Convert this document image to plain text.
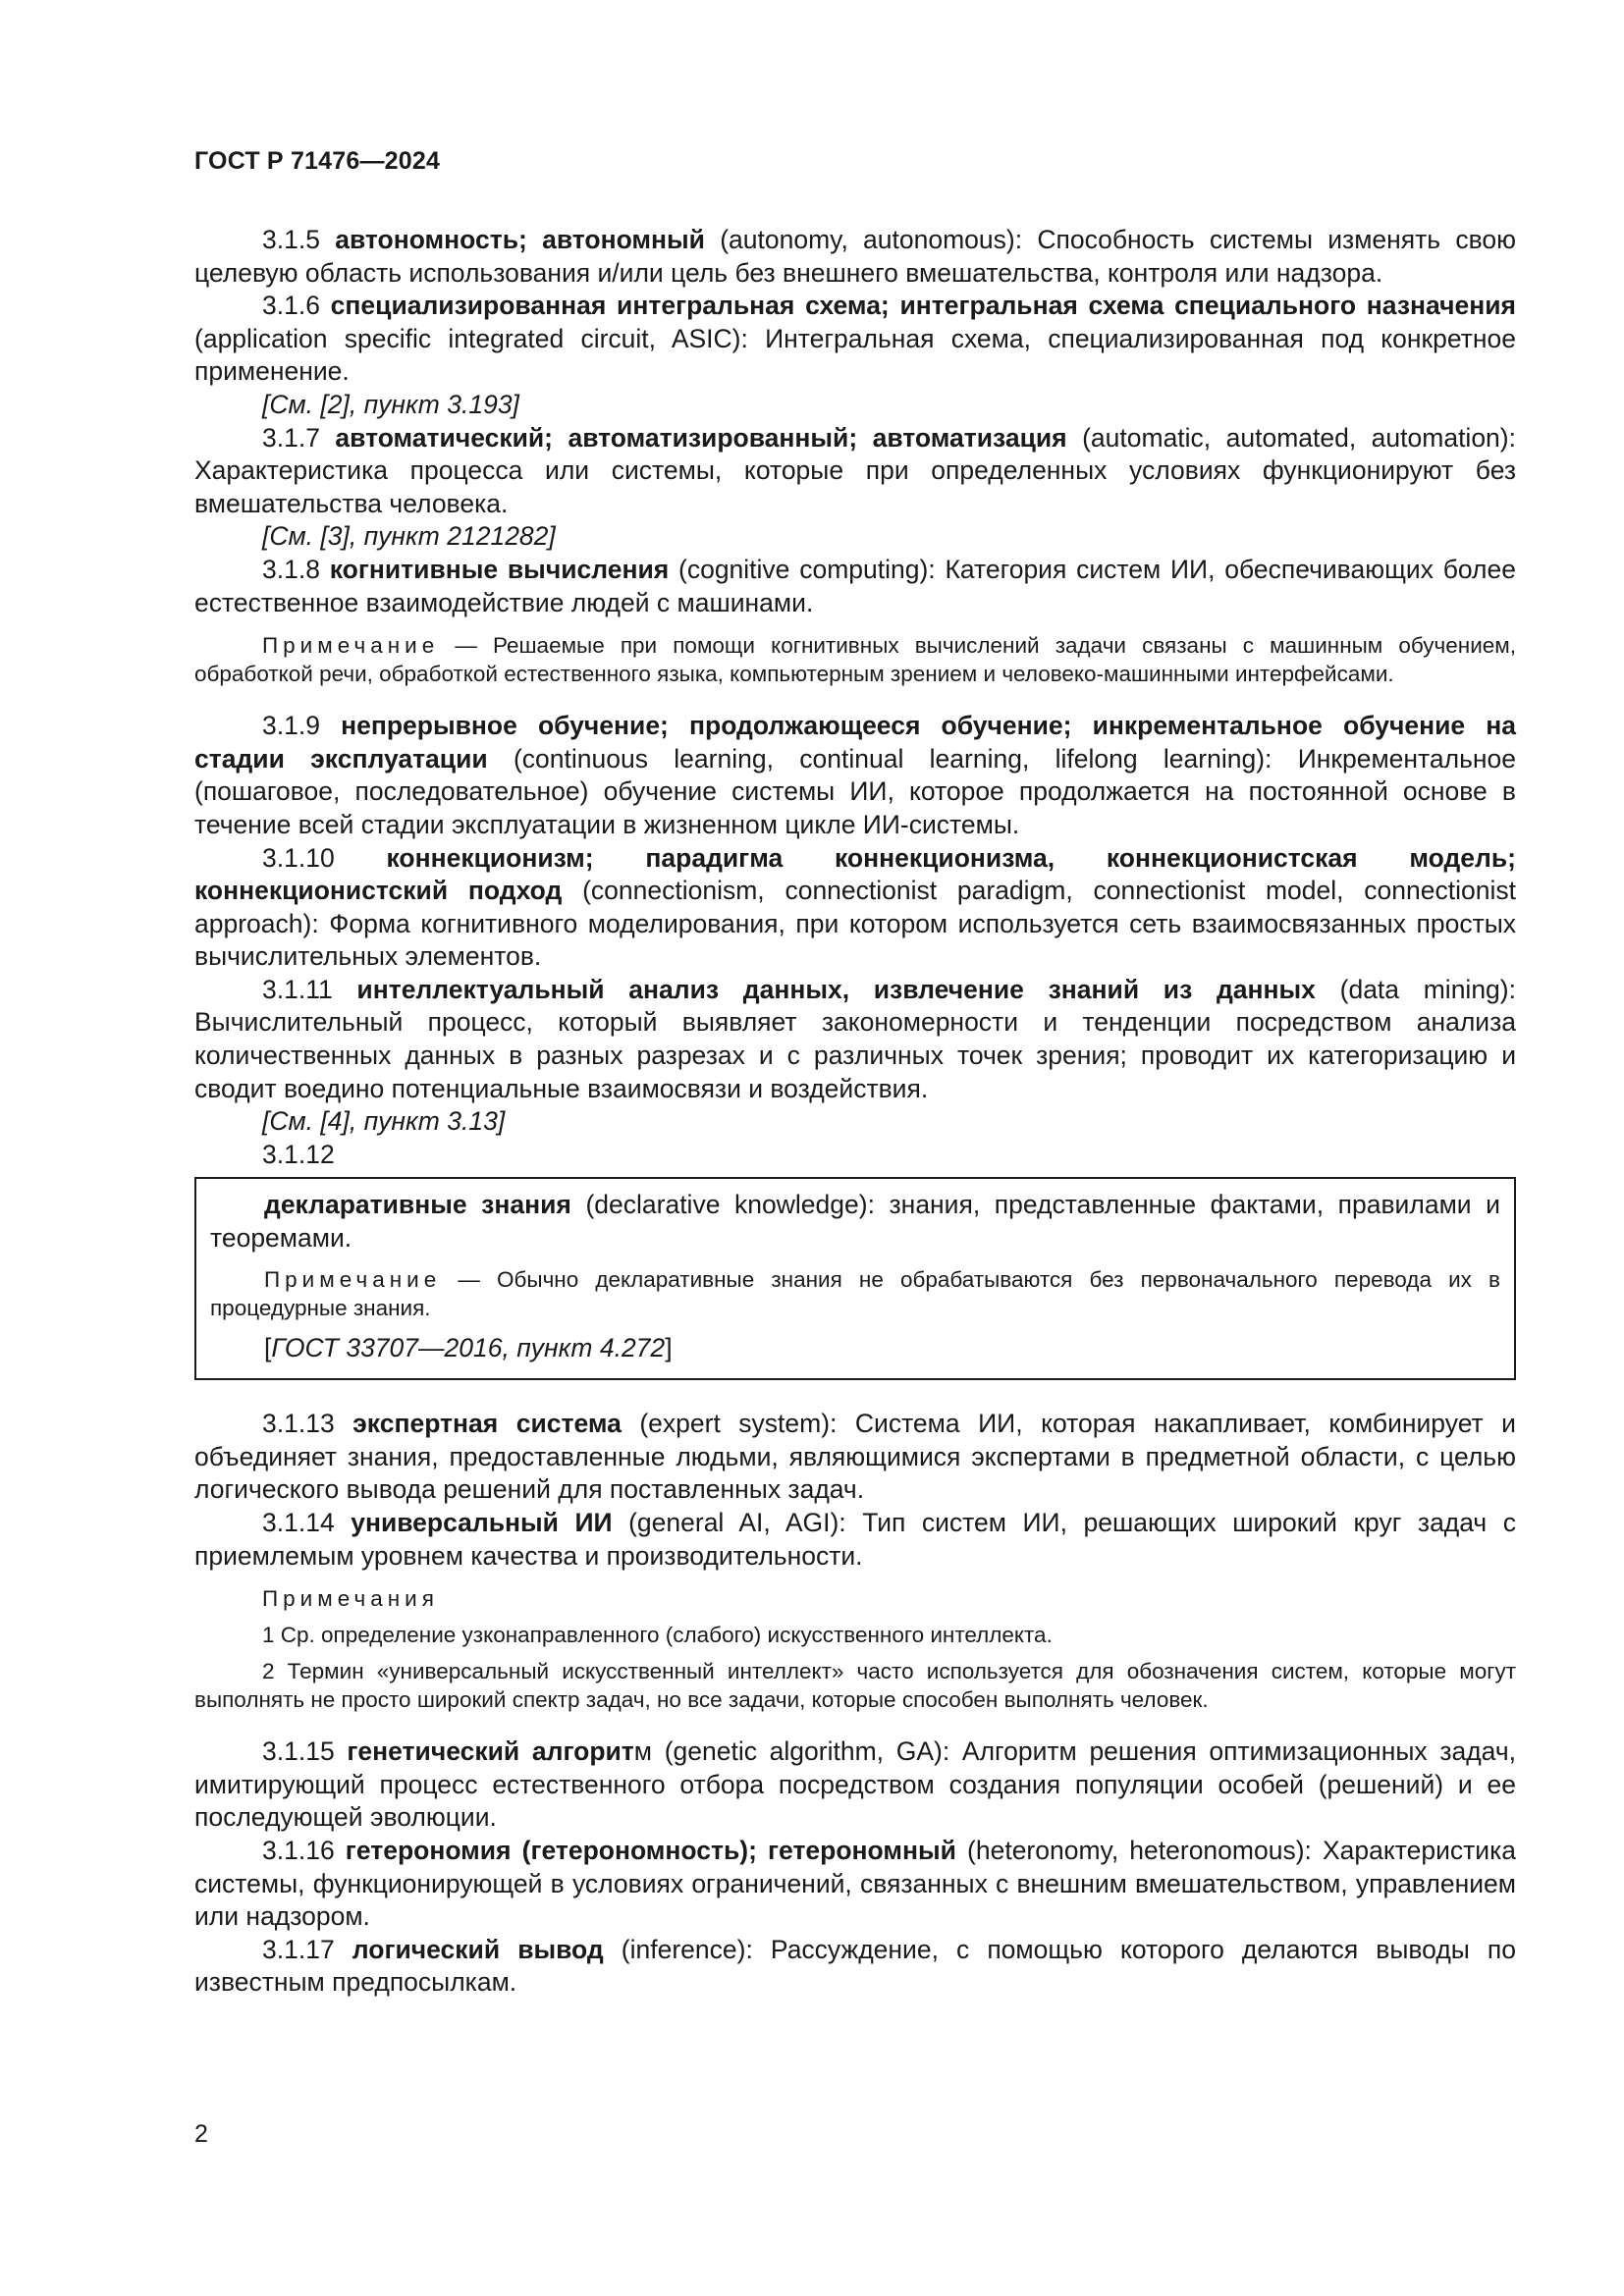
ГОСТ Р 71476—2024

3.1.5 автономность; автономный (autonomy, autonomous): Способность системы изменять свою целевую область использования и/или цель без внешнего вмешательства, контроля или надзора.

3.1.6 специализированная интегральная схема; интегральная схема специального назначения (application specific integrated circuit, ASIC): Интегральная схема, специализированная под конкретное применение.

[См. [2], пункт 3.193]

3.1.7 автоматический; автоматизированный; автоматизация (automatic, automated, automation): Характеристика процесса или системы, которые при определенных условиях функционируют без вмешательства человека.

[См. [3], пункт 2121282]

3.1.8 когнитивные вычисления (cognitive computing): Категория систем ИИ, обеспечивающих более естественное взаимодействие людей с машинами.

Примечание — Решаемые при помощи когнитивных вычислений задачи связаны с машинным обучением, обработкой речи, обработкой естественного языка, компьютерным зрением и человеко-машинными интерфейсами.

3.1.9 непрерывное обучение; продолжающееся обучение; инкрементальное обучение на стадии эксплуатации (continuous learning, continual learning, lifelong learning): Инкрементальное (пошаговое, последовательное) обучение системы ИИ, которое продолжается на постоянной основе в течение всей стадии эксплуатации в жизненном цикле ИИ-системы.

3.1.10 коннекционизм; парадигма коннекционизма, коннекционистская модель; коннекционистский подход (connectionism, connectionist paradigm, connectionist model, connectionist approach): Форма когнитивного моделирования, при котором используется сеть взаимосвязанных простых вычислительных элементов.

3.1.11 интеллектуальный анализ данных, извлечение знаний из данных (data mining): Вычислительный процесс, который выявляет закономерности и тенденции посредством анализа количественных данных в разных разрезах и с различных точек зрения; проводит их категоризацию и сводит воедино потенциальные взаимосвязи и воздействия.

[См. [4], пункт 3.13]

3.1.12

декларативные знания (declarative knowledge): знания, представленные фактами, правилами и теоремами.

Примечание — Обычно декларативные знания не обрабатываются без первоначального перевода их в процедурные знания.

[ГОСТ 33707—2016, пункт 4.272]

3.1.13 экспертная система (expert system): Система ИИ, которая накапливает, комбинирует и объединяет знания, предоставленные людьми, являющимися экспертами в предметной области, с целью логического вывода решений для поставленных задач.

3.1.14 универсальный ИИ (general AI, AGI): Тип систем ИИ, решающих широкий круг задач с приемлемым уровнем качества и производительности.

Примечания

1 Ср. определение узконаправленного (слабого) искусственного интеллекта.

2 Термин «универсальный искусственный интеллект» часто используется для обозначения систем, которые могут выполнять не просто широкий спектр задач, но все задачи, которые способен выполнять человек.

3.1.15 генетический алгоритм (genetic algorithm, GA): Алгоритм решения оптимизационных задач, имитирующий процесс естественного отбора посредством создания популяции особей (решений) и ее последующей эволюции.

3.1.16 гетерономия (гетерономность); гетерономный (heteronomy, heteronomous): Характеристика системы, функционирующей в условиях ограничений, связанных с внешним вмешательством, управлением или надзором.

3.1.17 логический вывод (inference): Рассуждение, с помощью которого делаются выводы по известным предпосылкам.

2
